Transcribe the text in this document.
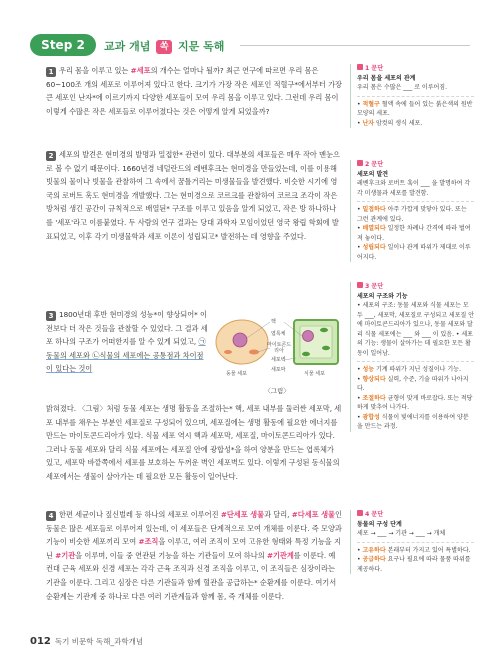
Step 2	교과 개념 쏙 지문 독해
1 우리 몸을 이루고 있는 #세포의 개수는 얼마나 될까? 최근 연구에 따르면 우리 몸은 60~100조 개의 세포로 이루어져 있다고 한다. 크기가 가장 작은 세포인 적혈구*에서부터 가장 큰 세포인 난자*에 이르기까지 다양한 세포들이 모여 우리 몸을 이루고 있다. 그런데 우리 몸이 이렇게 수많은 작은 세포들로 이루어졌다는 것은 어떻게 알게 되었을까?
2 세포의 발견은 현미경의 발명과 밀접한* 관련이 있다. 대부분의 세포들은 매우 작아 맨눈으로 볼 수 없기 때문이다. 1660년경 네덜란드의 레벤후크는 현미경을 만들었는데, 이를 이용해 빗물의 물이나 빗물을 관찰하여 그 속에서 꿈틀거리는 미생물들을 발견했다. 비슷한 시기에 영국의 로버트 훅도 현미경을 개발했다. 그는 현미경으로 코르크를 관찰하여 코르크 조각이 작은 방처럼 생긴 공간이 규칙적으로 배열된* 구조를 이루고 있음을 알게 되었고, 작은 방 하나하나를 '세포'라고 이름붙였다. 두 사람의 연구 결과는 당대 과학자 모임이었던 영국 왕립 학회에 발표되었고, 이후 각기 미생물학과 세포 이론이 성립되고* 발전하는 데 영향을 주었다.
3 1800년대 후반 현미경의 성능*이 향상되어* 이전보다 더 작은 것들을 관찰할 수 있었다. 그 결과 세포 하나의 구조가 어떠한지를 알 수 있게 되었고, ㉠동물의 세포와 ㉡식물의 세포에는 공통점과 차이점이 있다는 것이
밝혀졌다. 〈그림〉처럼 동물 세포는 생명 활동을 조절하는* 핵, 세포 내부를 둘러싼 세포막, 세포 내부를 채우는 부분인 세포질로 구성되어 있으며, 세포질에는 생명 활동에 필요한 에너지를 만드는 마이토콘드리아가 있다. 식물 세포 역시 핵과 세포막, 세포질, 마이토콘드리아가 있다. 그러나 동물 세포와 달리 식물 세포에는 세포질 안에 광합성*을 하여 양분을 만드는 엽록체가 있고, 세포막 바깥쪽에서 세포를 보호하는 두꺼운 벽인 세포벽도 있다. 이렇게 구성된 동식물의 세포에서는 생물이 살아가는 데 필요한 모든 활동이 일어난다.
4 한편 세균이나 짚신벌레 등 하나의 세포로 이루어진 #단세포 생물과 달리, #다세포 생물인 동물은 많은 세포들로 이루어져 있는데, 이 세포들은 단계적으로 모여 개체를 이룬다. 즉 모양과 기능이 비슷한 세포끼리 모여 #조직을 이루고, 여러 조직이 모여 고유한 형태와 특정 기능을 지닌 #기관을 이루며, 이들 중 연관된 기능을 하는 기관들이 모여 하나의 #기관계를 이룬다. 예컨대 근육 세포와 신경 세포는 각각 근육 조직과 신경 조직을 이루고, 이 조직들은 심장이라는 기관을 이룬다. 그리고 심장은 다른 기관들과 함께 혈관을 공급하는* 순환계를 이룬다. 여기서 순환계는 기관계 중 하나로 다른 여러 기관계들과 함께 몸, 즉 개체를 이룬다.
핵
엽록체
마이토콘드리아
세포벽
세포막
동물 세포	식물 세포
〈그림〉
1 문단
우리 몸을 세포의 관계
우리 몸은 수많은 ___ 로 이루어짐.
• 적혈구 혈액 속에 들어 있는 붉은색의 원반 모양의 세포.
• 난자 암컷의 생식 세포.
2 문단
세포의 발견
레벤후크와 로버트 훅이 ___ 을 발명하여 각각 미생물과 세포를 발견함.
• 밀접하다 아주 가깝게 맞닿아 있다. 또는 그런 관계에 있다.
• 배열되다 일정한 차례나 간격에 따라 벌여져 놓이다.
• 성립되다 일이나 관계 따위가 제대로 이루어지다.
3 문단
세포의 구조와 기능
• 세포의 구조: 동물 세포와 식물 세포는 모두 ___, 세포막, 세포질로 구성되고 세포질 안에 마이토콘드리아가 있으나, 동물 세포와 달리 식물 세포에는 ___ 와 ___ 이 있음. • 세포의 기능: 생물이 살아가는 데 필요한 모든 활동이 일어남.
• 성능 기계 따위가 지닌 성질이나 기능.
• 향상되다 실력, 수준, 기술 따위가 나아지다.
• 조절하다 균형이 맞게 바로잡다. 또는 적당하게 맞추어 나가다.
• 광합성 식물이 빛에너지를 이용하여 양분을 만드는 과정.
4 문단
동물의 구성 단계
세포 → ___ → 기관 → ___ → 개체
• 고유하다 본래부터 가지고 있어 특별하다.
• 공급하다 요구나 필요에 따라 물품 따위를 제공하다.
012 독기 비문학 독해_과학개념
